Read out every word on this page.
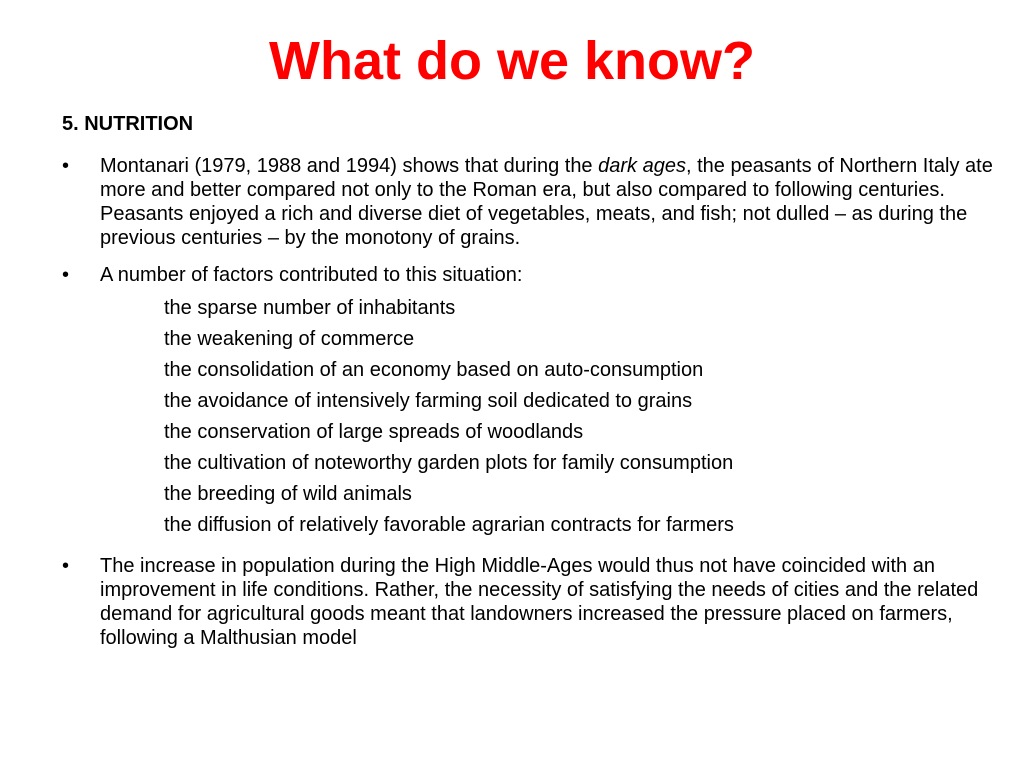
What do we know?
5. NUTRITION
•	Montanari (1979, 1988 and 1994) shows that during the dark ages, the peasants of Northern Italy ate more and better compared not only to the Roman era, but also compared to following centuries. Peasants enjoyed a rich and diverse diet of vegetables, meats, and fish; not dulled – as during the previous centuries – by the monotony of grains.

•	A number of factors contributed to this situation:

the sparse number of inhabitants
the weakening of commerce
the consolidation of an economy based on auto-consumption
the avoidance of intensively farming soil dedicated to grains
the conservation of large spreads of woodlands
the cultivation of noteworthy garden plots for family consumption
the breeding of wild animals
the diffusion of relatively favorable agrarian contracts for farmers
•	The increase in population during the High Middle-Ages would thus not have coincided with an improvement in life conditions. Rather, the necessity of satisfying the needs of cities and the related demand for agricultural goods meant that landowners increased the pressure placed on farmers, following a Malthusian model
